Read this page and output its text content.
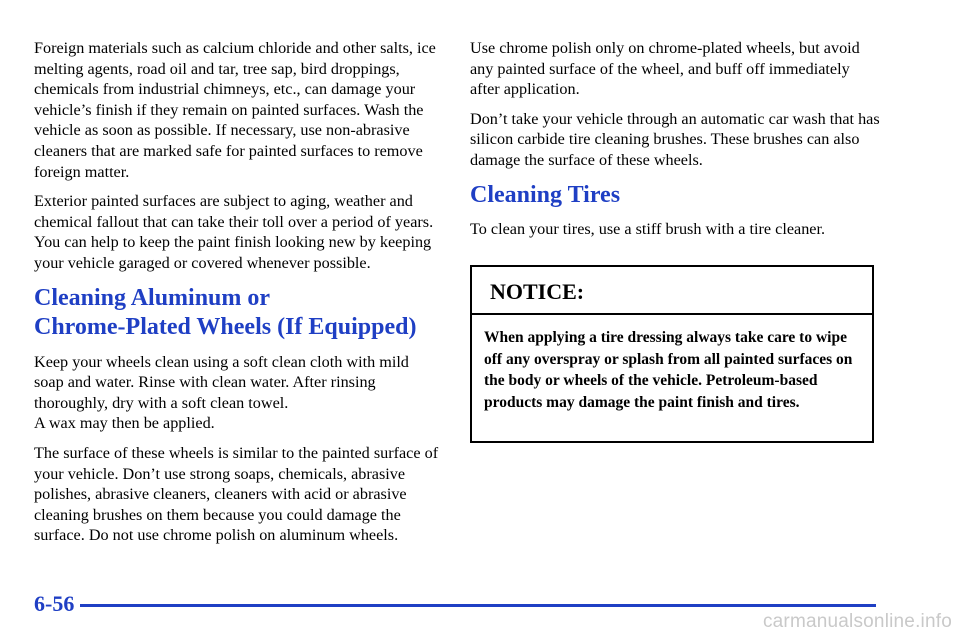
Foreign materials such as calcium chloride and other salts, ice melting agents, road oil and tar, tree sap, bird droppings, chemicals from industrial chimneys, etc., can damage your vehicle’s finish if they remain on painted surfaces. Wash the vehicle as soon as possible. If necessary, use non‑abrasive cleaners that are marked safe for painted surfaces to remove foreign matter.

Exterior painted surfaces are subject to aging, weather and chemical fallout that can take their toll over a period of years. You can help to keep the paint finish looking new by keeping your vehicle garaged or covered whenever possible.

Cleaning Aluminum or
Chrome‑Plated Wheels (If Equipped)

Keep your wheels clean using a soft clean cloth with mild soap and water. Rinse with clean water. After rinsing thoroughly, dry with a soft clean towel.
A wax may then be applied.

The surface of these wheels is similar to the painted surface of your vehicle. Don’t use strong soaps, chemicals, abrasive polishes, abrasive cleaners, cleaners with acid or abrasive cleaning brushes on them because you could damage the surface. Do not use chrome polish on aluminum wheels.

Use chrome polish only on chrome‑plated wheels, but avoid any painted surface of the wheel, and buff off immediately after application.

Don’t take your vehicle through an automatic car wash that has silicon carbide tire cleaning brushes. These brushes can also damage the surface of these wheels.

Cleaning Tires

To clean your tires, use a stiff brush with a tire cleaner.

NOTICE:
When applying a tire dressing always take care to wipe off any overspray or splash from all painted surfaces on the body or wheels of the vehicle. Petroleum‑based products may damage the paint finish and tires.
6-56
carmanualsonline.info
